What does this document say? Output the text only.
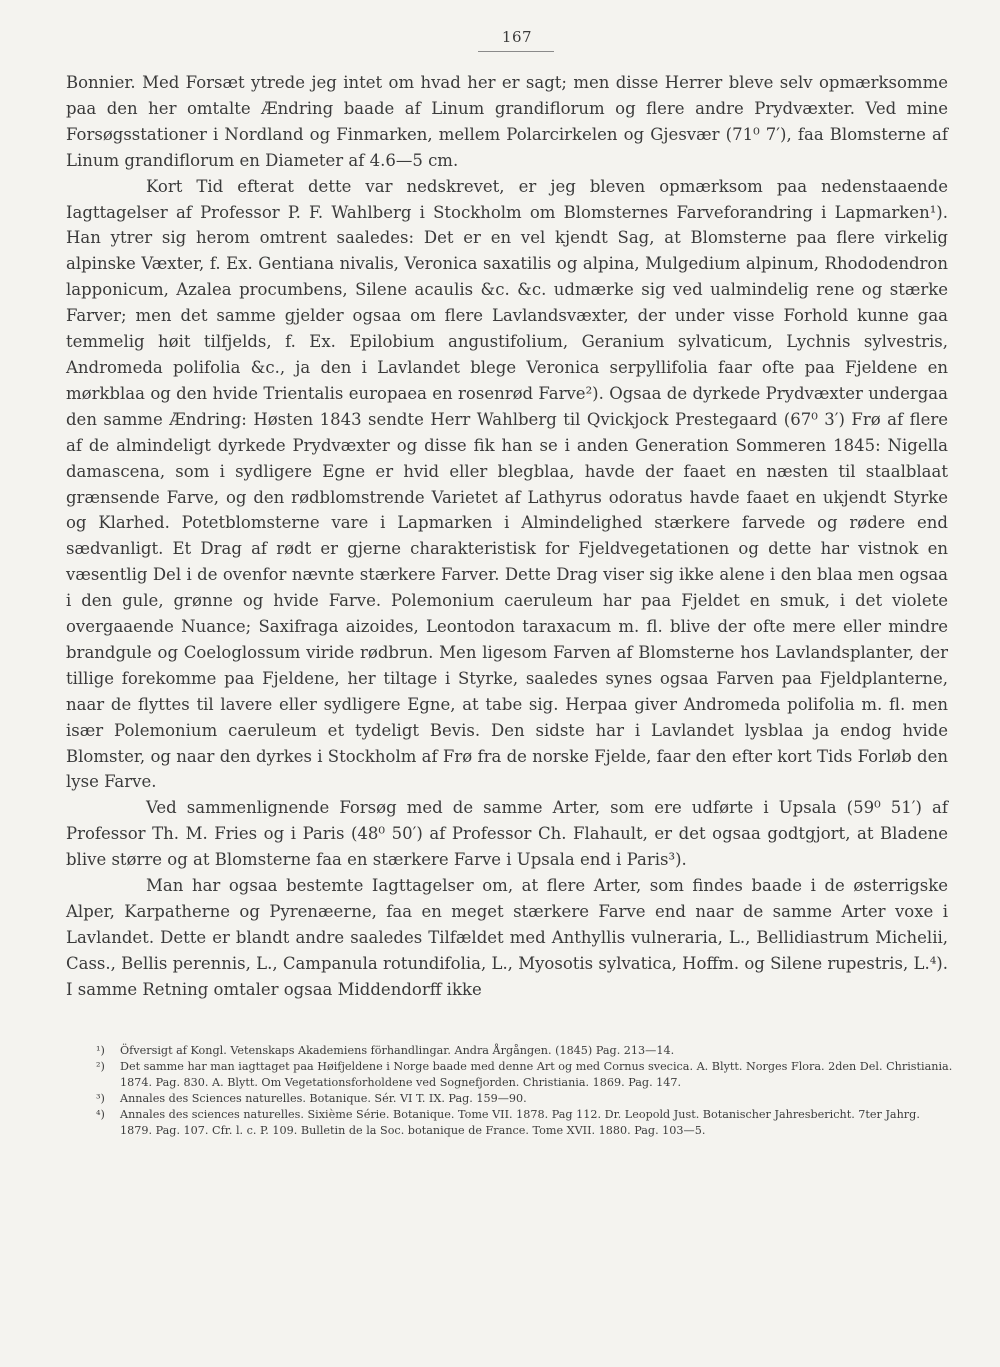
167

Bonnier. Med Forsæt ytrede jeg intet om hvad her er sagt; men disse Herrer bleve selv opmærksomme paa den her omtalte Ændring baade af Linum grandiflorum og flere andre Prydvæxter. Ved mine Forsøgsstationer i Nordland og Finmarken, mellem Polarcirkelen og Gjesvær (71⁰ 7′), faa Blomsterne af Linum grandiflorum en Diameter af 4.6—5 cm.

Kort Tid efterat dette var nedskrevet, er jeg bleven opmærksom paa nedenstaaende Iagttagelser af Professor P. F. Wahlberg i Stockholm om Blomsternes Farveforandring i Lapmarken¹). Han ytrer sig herom omtrent saaledes: Det er en vel kjendt Sag, at Blomsterne paa flere virkelig alpinske Væxter, f. Ex. Gentiana nivalis, Veronica saxatilis og alpina, Mulgedium alpinum, Rhododendron lapponicum, Azalea procumbens, Silene acaulis &c. &c. udmærke sig ved ualmindelig rene og stærke Farver; men det samme gjelder ogsaa om flere Lavlandsvæxter, der under visse Forhold kunne gaa temmelig høit tilfjelds, f. Ex. Epilobium angustifolium, Geranium sylvaticum, Lychnis sylvestris, Andromeda polifolia &c., ja den i Lavlandet blege Veronica serpyllifolia faar ofte paa Fjeldene en mørkblaa og den hvide Trientalis europaea en rosenrød Farve²). Ogsaa de dyrkede Prydvæxter undergaa den samme Ændring: Høsten 1843 sendte Herr Wahlberg til Qvickjock Prestegaard (67⁰ 3′) Frø af flere af de almindeligt dyrkede Prydvæxter og disse fik han se i anden Generation Sommeren 1845: Nigella damascena, som i sydligere Egne er hvid eller blegblaa, havde der faaet en næsten til staalblaat grænsende Farve, og den rødblomstrende Varietet af Lathyrus odoratus havde faaet en ukjendt Styrke og Klarhed. Potetblomsterne vare i Lapmarken i Almindelighed stærkere farvede og rødere end sædvanligt. Et Drag af rødt er gjerne charakteristisk for Fjeldvegetationen og dette har vistnok en væsentlig Del i de ovenfor nævnte stærkere Farver. Dette Drag viser sig ikke alene i den blaa men ogsaa i den gule, grønne og hvide Farve. Polemonium caeruleum har paa Fjeldet en smuk, i det violete overgaaende Nuance; Saxifraga aizoides, Leontodon taraxacum m. fl. blive der ofte mere eller mindre brandgule og Coeloglossum viride rødbrun. Men ligesom Farven af Blomsterne hos Lavlandsplanter, der tillige forekomme paa Fjeldene, her tiltage i Styrke, saaledes synes ogsaa Farven paa Fjeldplanterne, naar de flyttes til lavere eller sydligere Egne, at tabe sig. Herpaa giver Andromeda polifolia m. fl. men især Polemonium caeruleum et tydeligt Bevis. Den sidste har i Lavlandet lysblaa ja endog hvide Blomster, og naar den dyrkes i Stockholm af Frø fra de norske Fjelde, faar den efter kort Tids Forløb den lyse Farve.

Ved sammenlignende Forsøg med de samme Arter, som ere udførte i Upsala (59⁰ 51′) af Professor Th. M. Fries og i Paris (48⁰ 50′) af Professor Ch. Flahault, er det ogsaa godtgjort, at Bladene blive større og at Blomsterne faa en stærkere Farve i Upsala end i Paris³).

Man har ogsaa bestemte Iagttagelser om, at flere Arter, som findes baade i de østerrigske Alper, Karpatherne og Pyrenæerne, faa en meget stærkere Farve end naar de samme Arter voxe i Lavlandet. Dette er blandt andre saaledes Tilfældet med Anthyllis vulneraria, L., Bellidiastrum Michelii, Cass., Bellis perennis, L., Campanula rotundifolia, L., Myosotis sylvatica, Hoffm. og Silene rupestris, L.⁴). I samme Retning omtaler ogsaa Middendorff ikke

¹)	Öfversigt af Kongl. Vetenskaps Akademiens förhandlingar. Andra Årgången. (1845) Pag. 213—14.

²)	Det samme har man iagttaget paa Høifjeldene i Norge baade med denne Art og med Cornus svecica. A. Blytt. Norges Flora. 2den Del. Christiania. 1874. Pag. 830. A. Blytt. Om Vegetationsforholdene ved Sognefjorden. Christiania. 1869. Pag. 147.

³)	Annales des Sciences naturelles. Botanique. Sér. VI T. IX. Pag. 159—90.

⁴)	Annales des sciences naturelles. Sixième Série. Botanique. Tome VII. 1878. Pag 112. Dr. Leopold Just. Botanischer Jahresbericht. 7ter Jahrg. 1879. Pag. 107. Cfr. l. c. P. 109. Bulletin de la Soc. botanique de France. Tome XVII. 1880. Pag. 103—5.
